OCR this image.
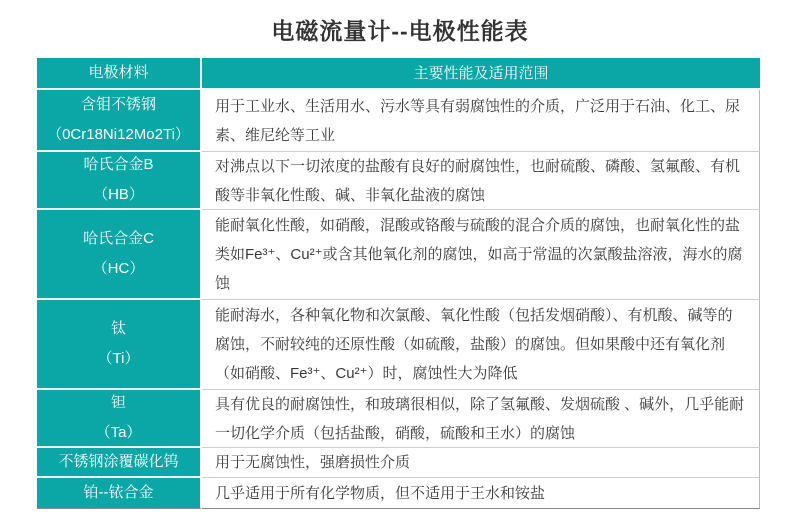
电磁流量计--电极性能表
电极材料	主要性能及适用范围
含钼不锈钢
（0Cr18Ni12Mo2Ti）
用于工业水、生活用水、污水等具有弱腐蚀性的介质，广泛用于石油、化工、尿素、维尼纶等工业
哈氏合金B
（HB）
对沸点以下一切浓度的盐酸有良好的耐腐蚀性，也耐硫酸、磷酸、氢氟酸、有机酸等非氧化性酸、碱、非氧化盐液的腐蚀
哈氏合金C
（HC）
能耐氧化性酸，如硝酸，混酸或铬酸与硫酸的混合介质的腐蚀，也耐氧化性的盐类如Fe³⁺、Cu²⁺或含其他氧化剂的腐蚀，如高于常温的次氯酸盐溶液，海水的腐蚀
钛
（Ti）
能耐海水，各种氧化物和次氯酸、氧化性酸（包括发烟硝酸）、有机酸、碱等的腐蚀，不耐较纯的还原性酸（如硫酸，盐酸）的腐蚀。但如果酸中还有氧化剂（如硝酸、Fe³⁺、Cu²⁺）时，腐蚀性大为降低
钽
（Ta）
具有优良的耐腐蚀性，和玻璃很相似，除了氢氟酸、发烟硫酸 、碱外，几乎能耐一切化学介质（包括盐酸，硝酸，硫酸和王水）的腐蚀
不锈钢涂覆碳化钨 用于无腐蚀性，强磨损性介质
铂--铱合金	几乎适用于所有化学物质，但不适用于王水和铵盐
